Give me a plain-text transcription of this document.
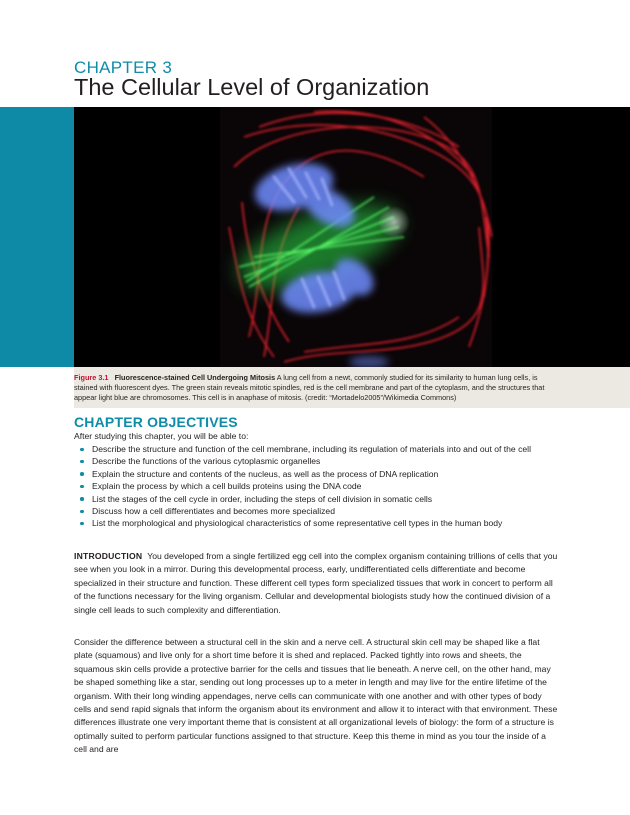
CHAPTER 3
The Cellular Level of Organization

Figure 3.1 Fluorescence-stained Cell Undergoing Mitosis A lung cell from a newt, commonly studied for its similarity to human lung cells, is stained with fluorescent dyes. The green stain reveals mitotic spindles, red is the cell membrane and part of the cytoplasm, and the structures that appear light blue are chromosomes. This cell is in anaphase of mitosis. (credit: “Mortadelo2005”/Wikimedia Commons)

CHAPTER OBJECTIVES

After studying this chapter, you will be able to:

Describe the structure and function of the cell membrane, including its regulation of materials into and out of the cell
Describe the functions of the various cytoplasmic organelles
Explain the structure and contents of the nucleus, as well as the process of DNA replication
Explain the process by which a cell builds proteins using the DNA code
List the stages of the cell cycle in order, including the steps of cell division in somatic cells
Discuss how a cell differentiates and becomes more specialized
List the morphological and physiological characteristics of some representative cell types in the human body

INTRODUCTION You developed from a single fertilized egg cell into the complex organism containing trillions of cells that you see when you look in a mirror. During this developmental process, early, undifferentiated cells differentiate and become specialized in their structure and function. These different cell types form specialized tissues that work in concert to perform all of the functions necessary for the living organism. Cellular and developmental biologists study how the continued division of a single cell leads to such complexity and differentiation.

Consider the difference between a structural cell in the skin and a nerve cell. A structural skin cell may be shaped like a flat plate (squamous) and live only for a short time before it is shed and replaced. Packed tightly into rows and sheets, the squamous skin cells provide a protective barrier for the cells and tissues that lie beneath. A nerve cell, on the other hand, may be shaped something like a star, sending out long processes up to a meter in length and may live for the entire lifetime of the organism. With their long winding appendages, nerve cells can communicate with one another and with other types of body cells and send rapid signals that inform the organism about its environment and allow it to interact with that environment. These differences illustrate one very important theme that is consistent at all organizational levels of biology: the form of a structure is optimally suited to perform particular functions assigned to that structure. Keep this theme in mind as you tour the inside of a cell and are
